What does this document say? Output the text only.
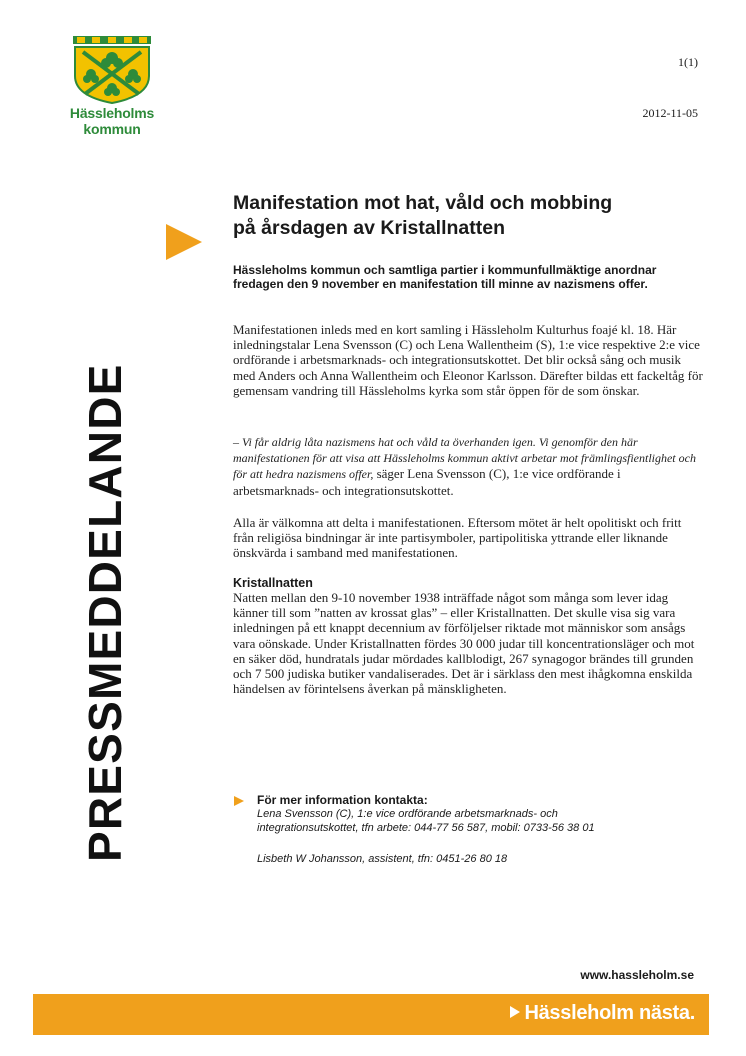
Hässleholms
kommun
1(1)
2012-11-05
PRESSMEDDELANDE
Manifestation mot hat, våld och mobbing
på årsdagen av Kristallnatten

Hässleholms kommun och samtliga partier i kommunfullmäktige anordnar fredagen den 9 november en manifestation till minne av nazismens offer.

Manifestationen inleds med en kort samling i Hässleholm Kulturhus foajé kl. 18. Här inledningstalar Lena Svensson (C) och Lena Wallentheim (S), 1:e vice respektive 2:e vice ordförande i arbetsmarknads- och integrationsutskottet. Det blir också sång och musik med Anders och Anna Wallentheim och Eleonor Karlsson. Därefter bildas ett fackeltåg för gemensam vandring till Hässleholms kyrka som står öppen för de som önskar.

– Vi får aldrig låta nazismens hat och våld ta överhanden igen. Vi genomför den här manifestationen för att visa att Hässleholms kommun aktivt arbetar mot främlingsfientlighet och för att hedra nazismens offer, säger Lena Svensson (C), 1:e vice ordförande i arbetsmarknads- och integrationsutskottet.

Alla är välkomna att delta i manifestationen. Eftersom mötet är helt opolitiskt och fritt från religiösa bindningar är inte partisymboler, partipolitiska yttrande eller liknande önskvärda i samband med manifestationen.

Kristallnatten

Natten mellan den 9-10 november 1938 inträffade något som många som lever idag känner till som ”natten av krossat glas” – eller Kristallnatten. Det skulle visa sig vara inledningen på ett knappt decennium av förföljelser riktade mot människor som ansågs vara oönskade. Under Kristallnatten fördes 30 000 judar till koncentrationsläger och mot en säker död, hundratals judar mördades kallblodigt, 267 synagogor brändes till grunden och 7 500 judiska butiker vandaliserades. Det är i särklass den mest ihågkomna enskilda händelsen av förintelsens åverkan på mänskligheten.

För mer information kontakta:
Lena Svensson (C), 1:e vice ordförande arbetsmarknads- och
integrationsutskottet, tfn arbete: 044-77 56 587, mobil: 0733-56 38 01
Lisbeth W Johansson, assistent, tfn: 0451-26 80 18
www.hassleholm.se
Hässleholm nästa.
